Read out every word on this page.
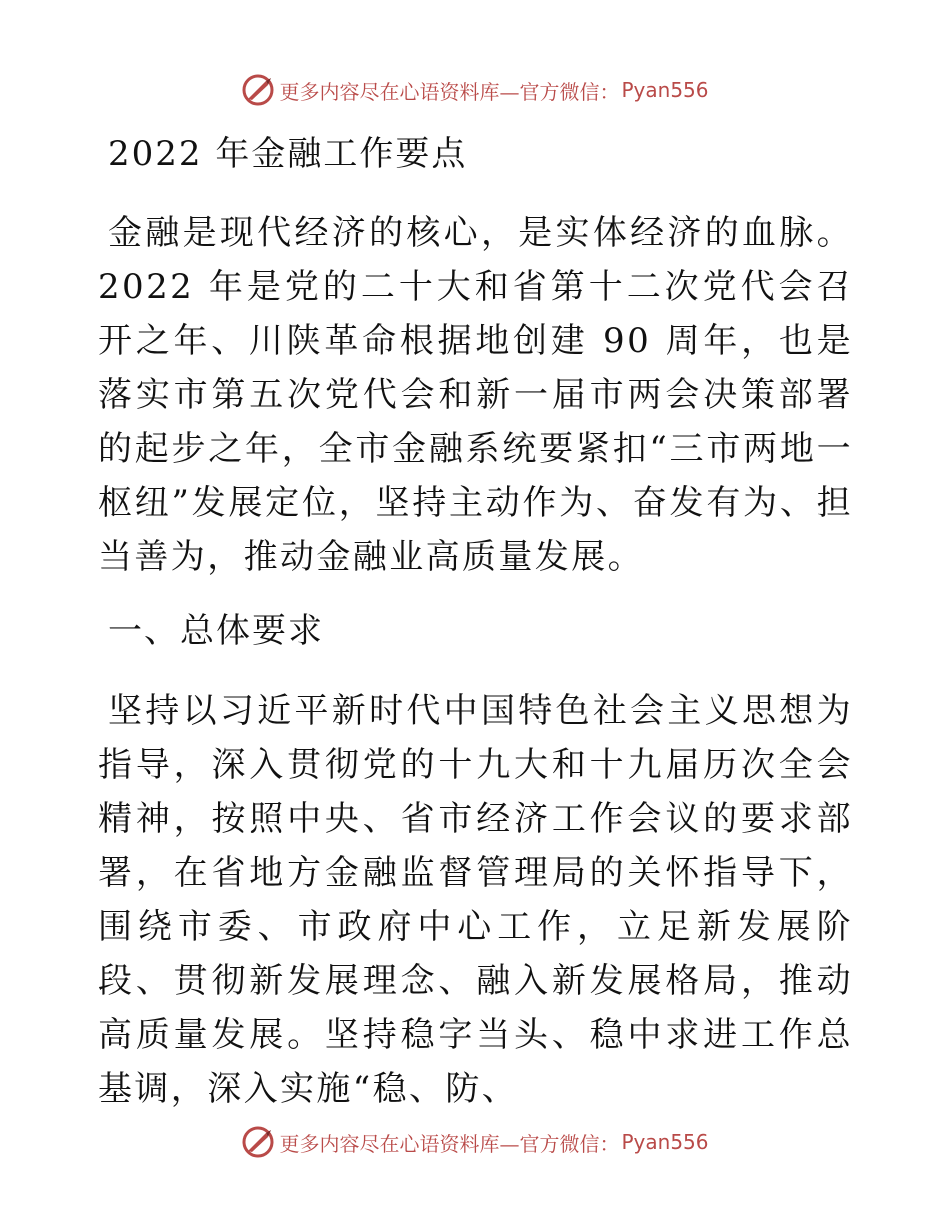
更多内容尽在心语资料库—官方微信： Pyan556
2022 年金融工作要点

金融是现代经济的核心，是实体经济的血脉。2022 年是党的二十大和省第十二次党代会召开之年、川陕革命根据地创建 90 周年，也是落实市第五次党代会和新一届市两会决策部署的起步之年，全市金融系统要紧扣“三市两地一枢纽”发展定位，坚持主动作为、奋发有为、担当善为，推动金融业高质量发展。

一、总体要求

坚持以习近平新时代中国特色社会主义思想为指导，深入贯彻党的十九大和十九届历次全会精神，按照中央、省市经济工作会议的要求部署，在省地方金融监督管理局的关怀指导下，围绕市委、市政府中心工作，立足新发展阶段、贯彻新发展理念、融入新发展格局，推动高质量发展。坚持稳字当头、稳中求进工作总基调，深入实施“稳、防、

更多内容尽在心语资料库—官方微信： Pyan556
